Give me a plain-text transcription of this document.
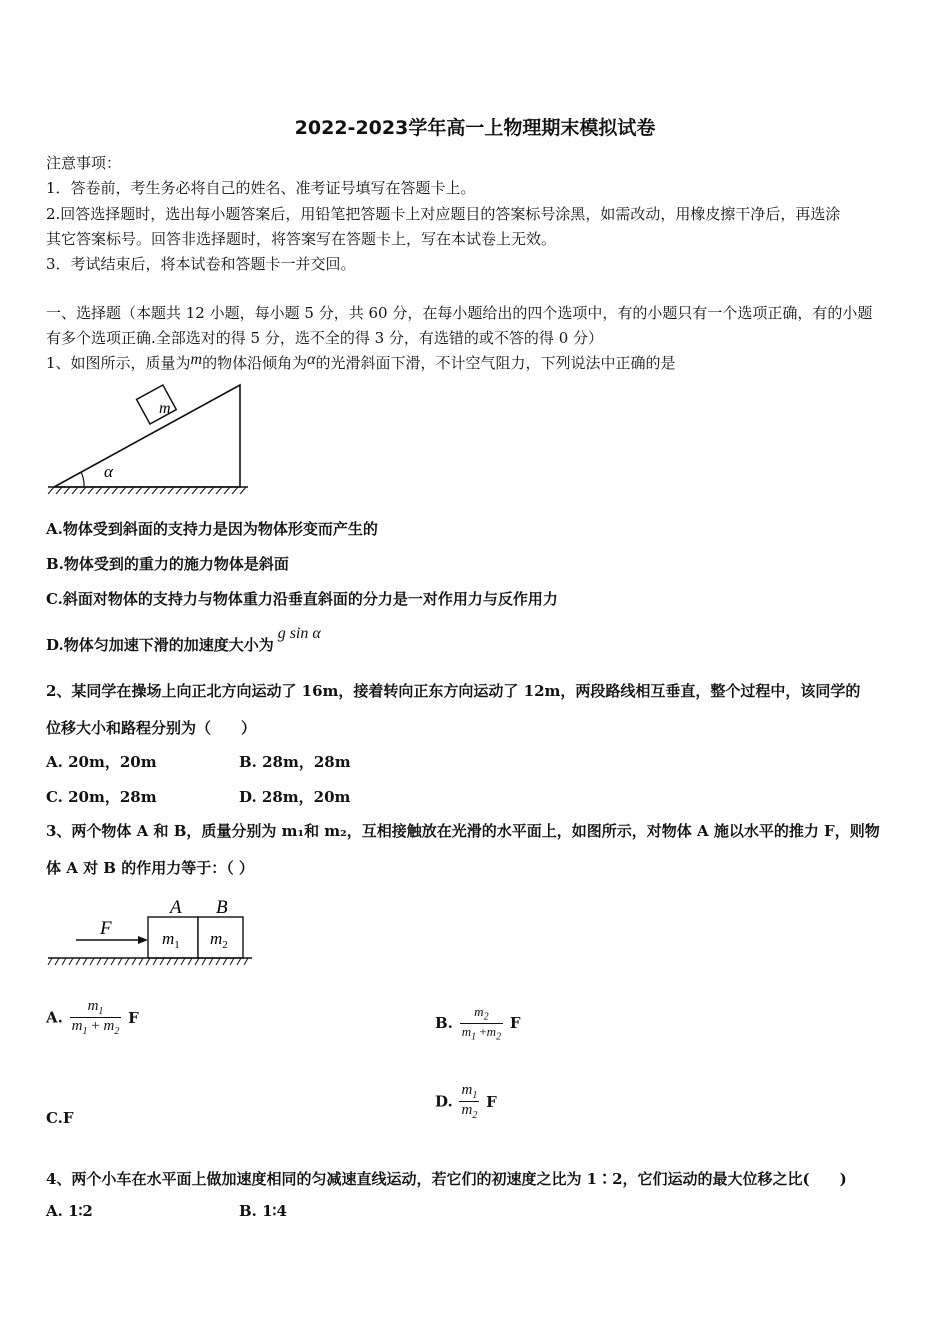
2022-2023学年高一上物理期末模拟试卷
注意事项：
1．答卷前，考生务必将自己的姓名、准考证号填写在答题卡上。
2.回答选择题时，选出每小题答案后，用铅笔把答题卡上对应题目的答案标号涂黑，如需改动，用橡皮擦干净后，再选涂
其它答案标号。回答非选择题时，将答案写在答题卡上，写在本试卷上无效。
3．考试结束后，将本试卷和答题卡一并交回。
一、选择题（本题共 12 小题，每小题 5 分，共 60 分，在每小题给出的四个选项中，有的小题只有一个选项正确，有的小题
有多个选项正确.全部选对的得 5 分，选不全的得 3 分，有选错的或不答的得 0 分）
1、如图所示，质量为m的物体沿倾角为α的光滑斜面下滑，不计空气阻力，下列说法中正确的是
m
α
A.物体受到斜面的支持力是因为物体形变而产生的
B.物体受到的重力的施力物体是斜面
C.斜面对物体的支持力与物体重力沿垂直斜面的分力是一对作用力与反作用力
D.物体匀加速下滑的加速度大小为g sin α
2、某同学在操场上向正北方向运动了 16m，接着转向正东方向运动了 12m，两段路线相互垂直，整个过程中，该同学的
位移大小和路程分别为（　　）
A. 20m，20m	B. 28m，28m
C. 20m，28m	D. 28m，20m
3、两个物体 A 和 B，质量分别为 m₁和 m₂，互相接触放在光滑的水平面上，如图所示，对物体 A 施以水平的推力 F，则物
体 A 对 B 的作用力等于：（ ）
F
A B
$m_1$ $m_2$
A. $\frac{m_1}{m_1 + m_2}$ F	B. $\frac{m_2}{m_1 +m_2}$ F
C.F
D. $\frac{m_1}{m_2}$ F
4、两个小车在水平面上做加速度相同的匀减速直线运动，若它们的初速度之比为 1∶2，它们运动的最大位移之比(　　)
A. 1∶2	B. 1∶4
